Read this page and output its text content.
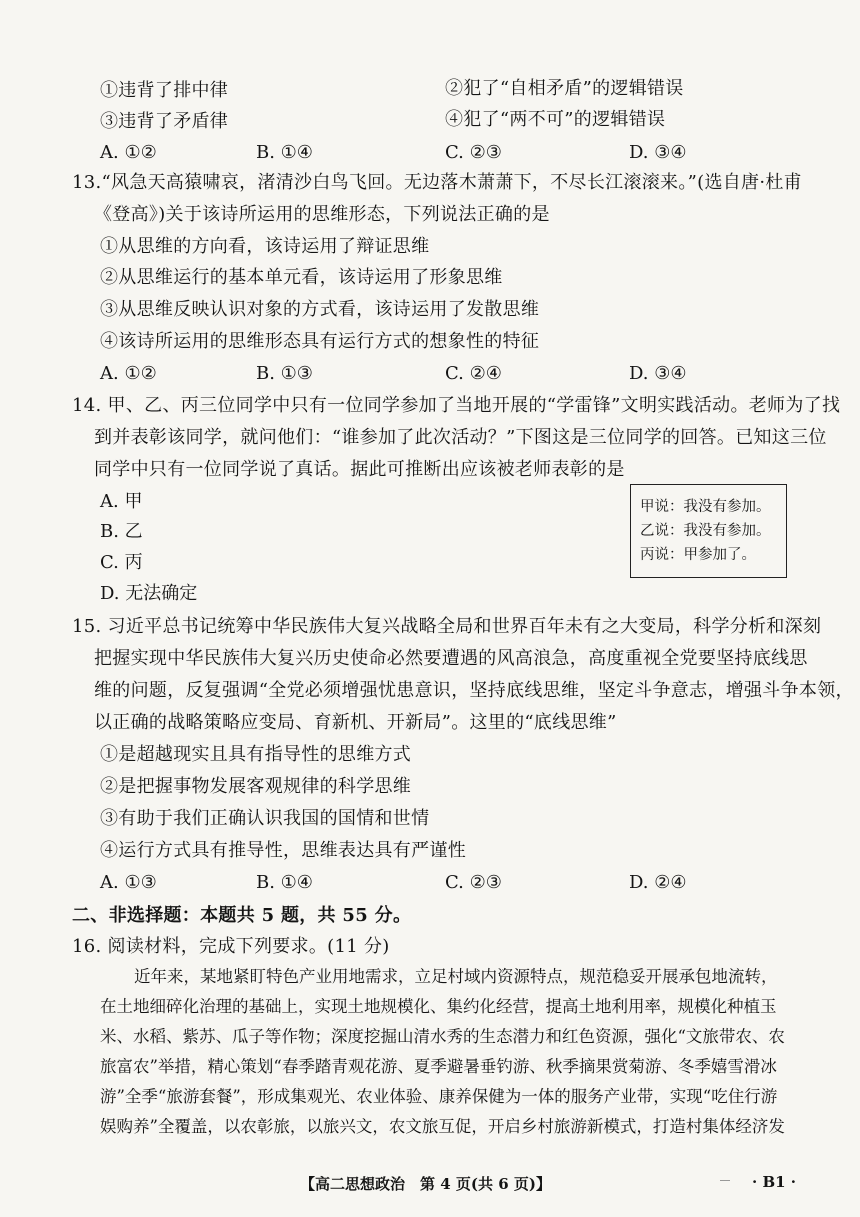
①违背了排中律	②犯了“自相矛盾”的逻辑错误
③违背了矛盾律	④犯了“两不可”的逻辑错误
A. ①②	B. ①④	C. ②③	D. ③④
13.“风急天高猿啸哀，渚清沙白鸟飞回。无边落木萧萧下，不尽长江滚滚来。”(选自唐·杜甫
《登高》)关于该诗所运用的思维形态，下列说法正确的是
①从思维的方向看，该诗运用了辩证思维
②从思维运行的基本单元看，该诗运用了形象思维
③从思维反映认识对象的方式看，该诗运用了发散思维
④该诗所运用的思维形态具有运行方式的想象性的特征
A. ①②	B. ①③	C. ②④	D. ③④
14. 甲、乙、丙三位同学中只有一位同学参加了当地开展的“学雷锋”文明实践活动。老师为了找
到并表彰该同学，就问他们：“谁参加了此次活动？”下图这是三位同学的回答。已知这三位
同学中只有一位同学说了真话。据此可推断出应该被老师表彰的是
A. 甲
B. 乙
C. 丙
D. 无法确定
甲说：我没有参加。
乙说：我没有参加。
丙说：甲参加了。
15. 习近平总书记统筹中华民族伟大复兴战略全局和世界百年未有之大变局，科学分析和深刻
把握实现中华民族伟大复兴历史使命必然要遭遇的风高浪急，高度重视全党要坚持底线思
维的问题，反复强调“全党必须增强忧患意识，坚持底线思维，坚定斗争意志，增强斗争本领，
以正确的战略策略应变局、育新机、开新局”。这里的“底线思维”
①是超越现实且具有指导性的思维方式
②是把握事物发展客观规律的科学思维
③有助于我们正确认识我国的国情和世情
④运行方式具有推导性，思维表达具有严谨性
A. ①③	B. ①④	C. ②③	D. ②④
二、非选择题：本题共 5 题，共 55 分。
16. 阅读材料，完成下列要求。(11 分)
近年来，某地紧盯特色产业用地需求，立足村域内资源特点，规范稳妥开展承包地流转，
在土地细碎化治理的基础上，实现土地规模化、集约化经营，提高土地利用率，规模化种植玉
米、水稻、紫苏、瓜子等作物；深度挖掘山清水秀的生态潜力和红色资源，强化“文旅带农、农
旅富农”举措，精心策划“春季踏青观花游、夏季避暑垂钓游、秋季摘果赏菊游、冬季嬉雪滑冰
游”全季“旅游套餐”，形成集观光、农业体验、康养保健为一体的服务产业带，实现“吃住行游
娱购养”全覆盖，以农彰旅，以旅兴文，农文旅互促，开启乡村旅游新模式，打造村集体经济发
【高二思想政治　第 4 页(共 6 页)】	· B1 ·
